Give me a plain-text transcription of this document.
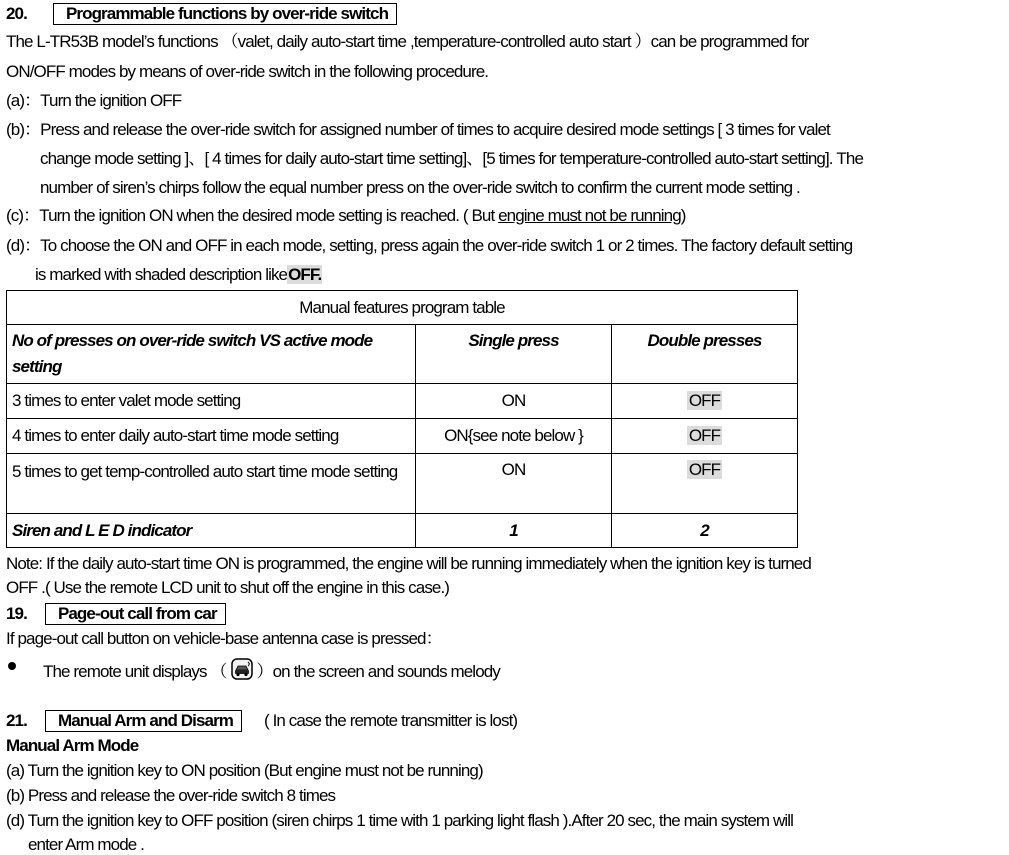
20. Programmable functions by over-ride switch
The L-TR53B model’s functions （valet, daily auto-start time ,temperature-controlled auto start ）can be programmed for
ON/OFF modes by means of over-ride switch in the following procedure.
(a)：Turn the ignition OFF
(b)：Press and release the over-ride switch for assigned number of times to acquire desired mode settings [ 3 times for valet
change mode setting ]、[ 4 times for daily auto-start time setting]、[5 times for temperature-controlled auto-start setting]. The
number of siren’s chirps follow the equal number press on the over-ride switch to confirm the current mode setting .
(c)：Turn the ignition ON when the desired mode setting is reached. ( But engine must not be running)
(d)：To choose the ON and OFF in each mode, setting, press again the over-ride switch 1 or 2 times. The factory default setting
is marked with shaded description likeOFF.
Manual features program table		
No of presses on over-ride switch VS active mode setting	Single press	Double presses
3 times to enter valet mode setting	ON	OFF
4 times to enter daily auto-start time mode setting	ON{see note below }	OFF
5 times to get temp-controlled auto start time mode setting	ON	OFF
Siren and L E D indicator	1	2
Note: If the daily auto-start time ON is programmed, the engine will be running immediately when the ignition key is turned
OFF .( Use the remote LCD unit to shut off the engine in this case.)
19. Page-out call from car
If page-out call button on vehicle-base antenna case is pressed：
The remote unit displays （ ）on the screen and sounds melody
21. Manual Arm and Disarm ( In case the remote transmitter is lost)
Manual Arm Mode
(a) Turn the ignition key to ON position (But engine must not be running)
(b) Press and release the over-ride switch 8 times
(d) Turn the ignition key to OFF position (siren chirps 1 time with 1 parking light flash ).After 20 sec, the main system will
enter Arm mode .
